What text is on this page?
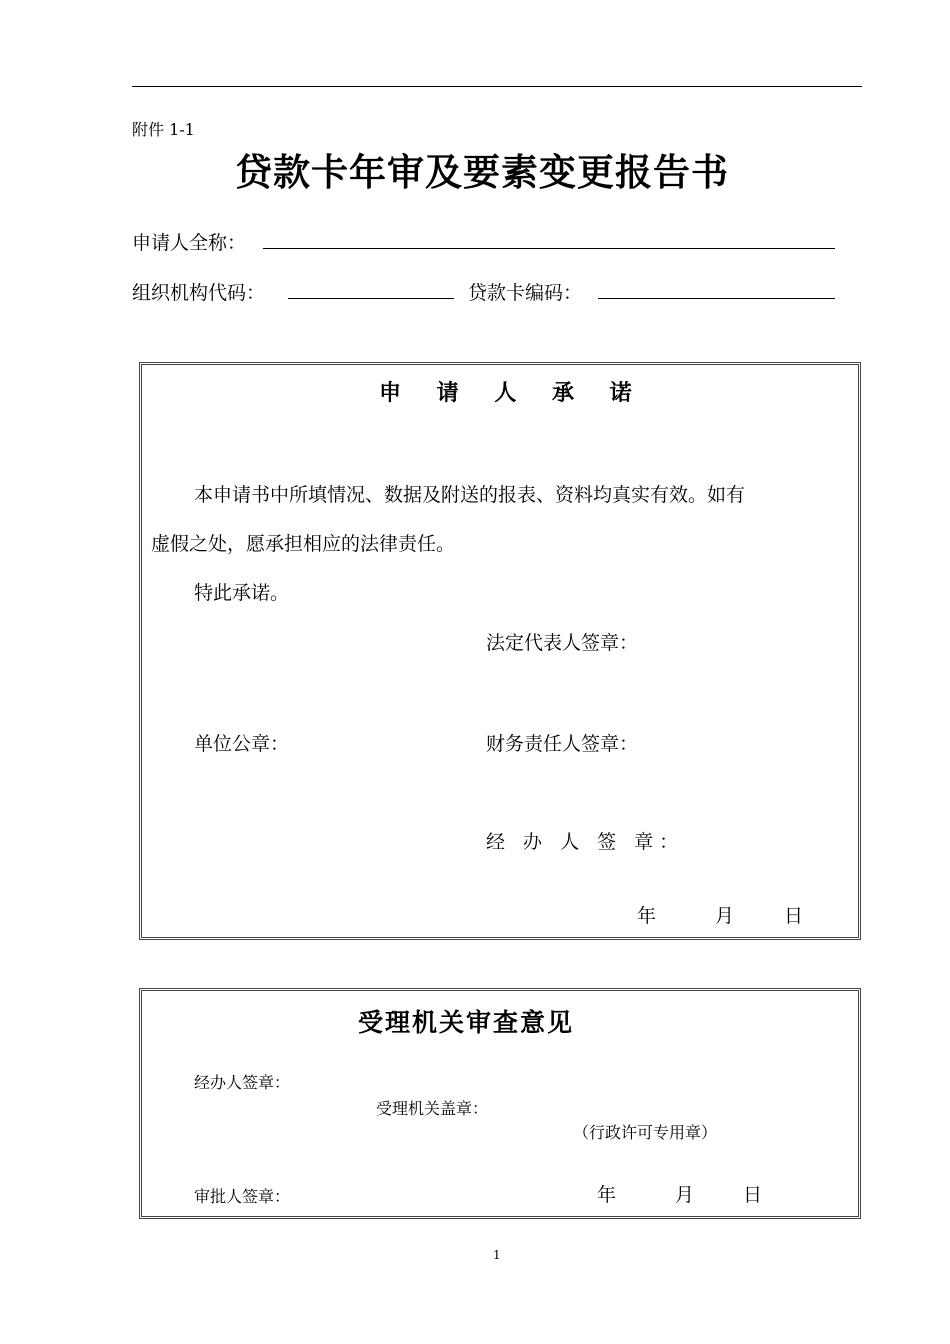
附件 1-1
贷款卡年审及要素变更报告书
申请人全称：
组织机构代码：	贷款卡编码：
申 请 人 承 诺
本申请书中所填情况、数据及附送的报表、资料均真实有效。如有
虚假之处，愿承担相应的法律责任。
特此承诺。
法定代表人签章：
单位公章：	财务责任人签章：
经 办 人 签 章：
年	月	日
受理机关审查意见
经办人签章：
受理机关盖章：
（行政许可专用章）
审批人签章：	年	月	日
1
